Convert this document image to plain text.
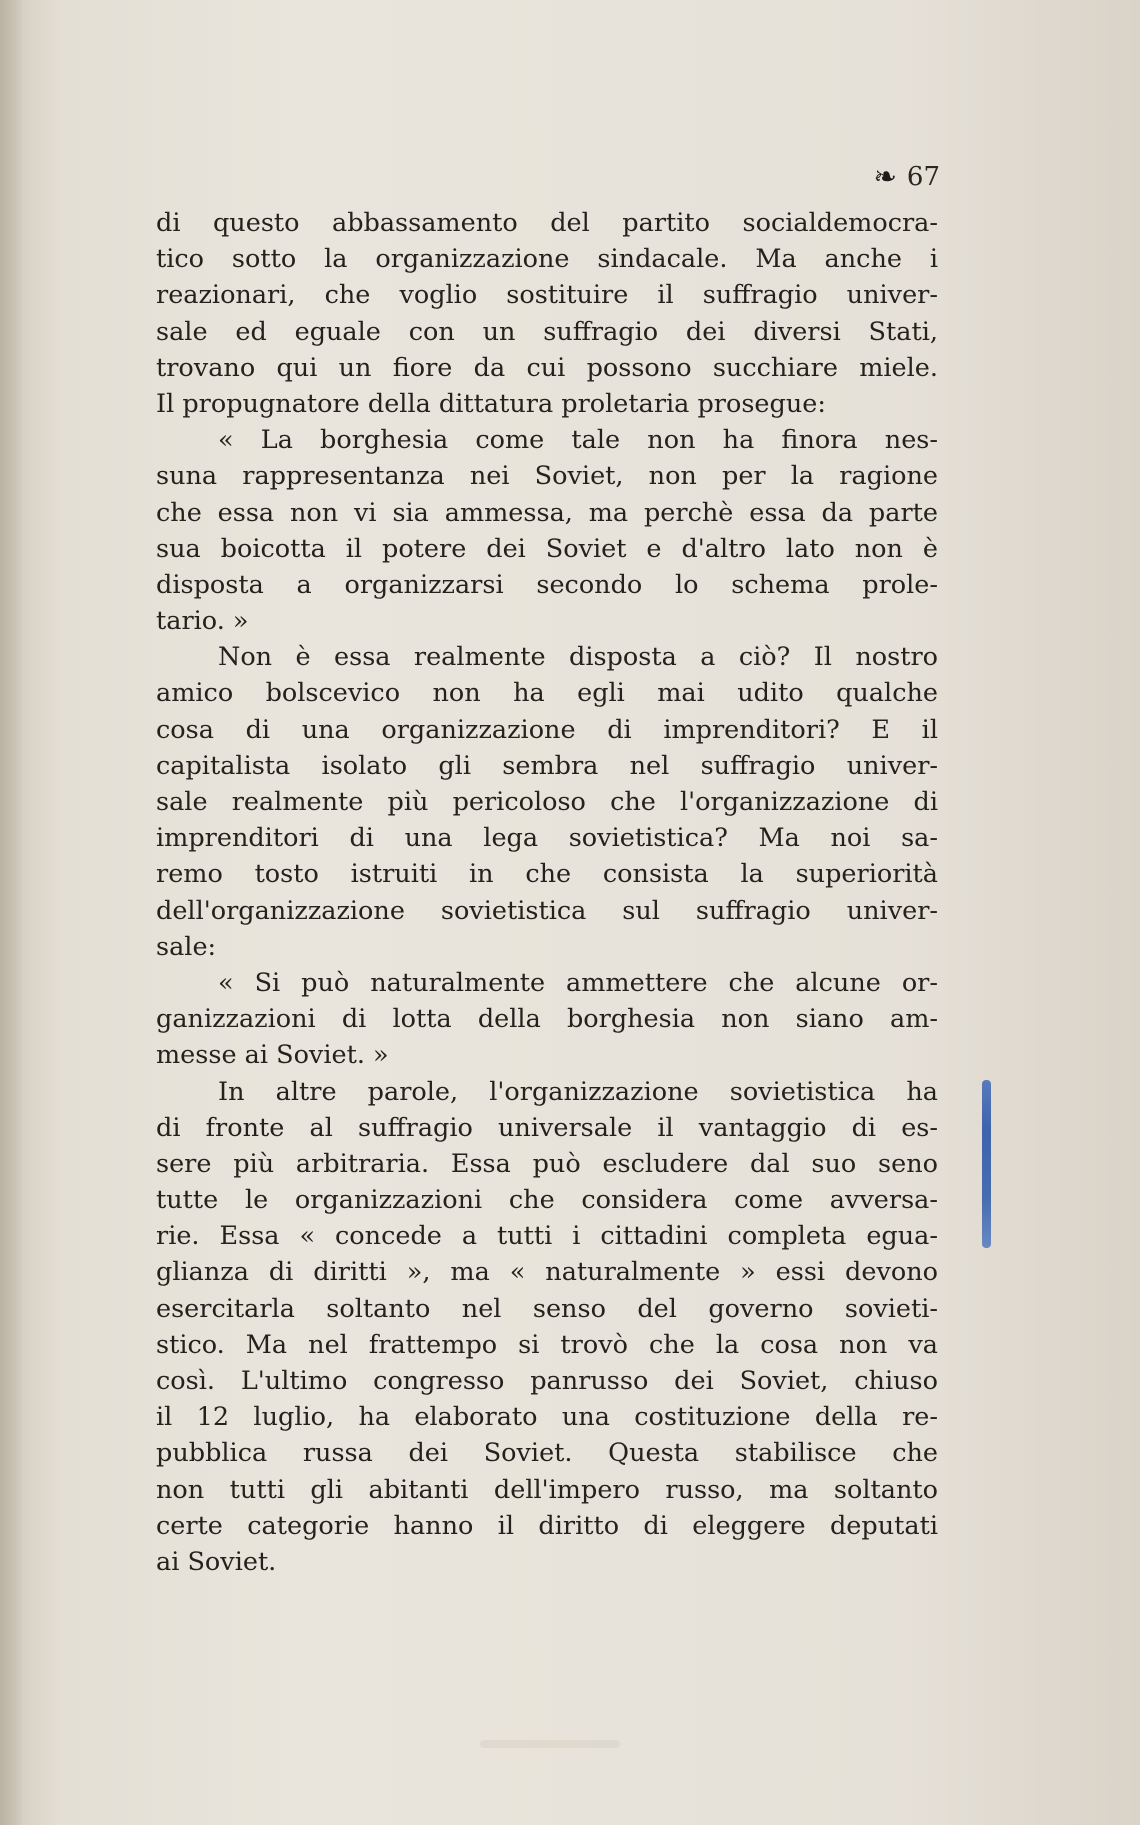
❧ 67
di questo abbassamento del partito socialdemocra-
tico sotto la organizzazione sindacale. Ma anche i
reazionari, che voglio sostituire il suffragio univer-
sale ed eguale con un suffragio dei diversi Stati,
trovano qui un fiore da cui possono succhiare miele.
Il propugnatore della dittatura proletaria prosegue:
« La borghesia come tale non ha finora nes-
suna rappresentanza nei Soviet, non per la ragione
che essa non vi sia ammessa, ma perchè essa da parte
sua boicotta il potere dei Soviet e d'altro lato non è
disposta a organizzarsi secondo lo schema prole-
tario. »
Non è essa realmente disposta a ciò? Il nostro
amico bolscevico non ha egli mai udito qualche
cosa di una organizzazione di imprenditori? E il
capitalista isolato gli sembra nel suffragio univer-
sale realmente più pericoloso che l'organizzazione di
imprenditori di una lega sovietistica? Ma noi sa-
remo tosto istruiti in che consista la superiorità
dell'organizzazione sovietistica sul suffragio univer-
sale:
« Si può naturalmente ammettere che alcune or-
ganizzazioni di lotta della borghesia non siano am-
messe ai Soviet. »
In altre parole, l'organizzazione sovietistica ha
di fronte al suffragio universale il vantaggio di es-
sere più arbitraria. Essa può escludere dal suo seno
tutte le organizzazioni che considera come avversa-
rie. Essa « concede a tutti i cittadini completa egua-
glianza di diritti », ma « naturalmente » essi devono
esercitarla soltanto nel senso del governo sovieti-
stico. Ma nel frattempo si trovò che la cosa non va
così. L'ultimo congresso panrusso dei Soviet, chiuso
il 12 luglio, ha elaborato una costituzione della re-
pubblica russa dei Soviet. Questa stabilisce che
non tutti gli abitanti dell'impero russo, ma soltanto
certe categorie hanno il diritto di eleggere deputati
ai Soviet.
